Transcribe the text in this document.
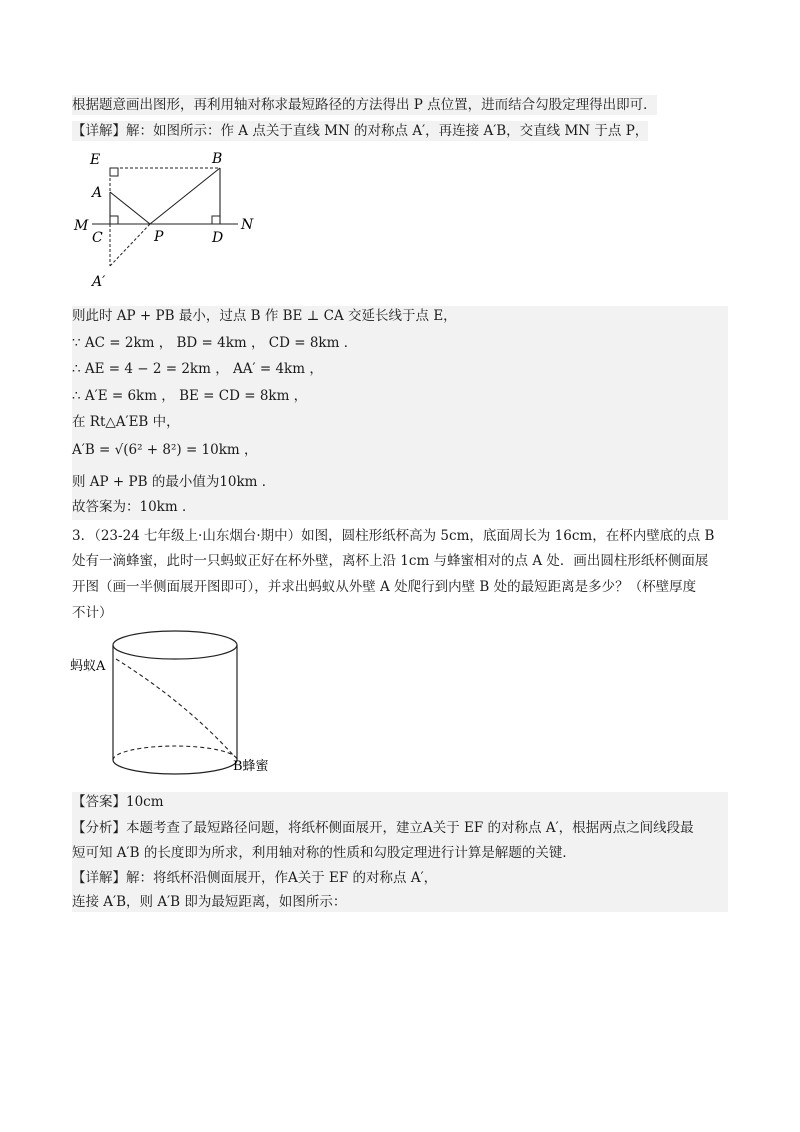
根据题意画出图形，再利用轴对称求最短路径的方法得出 P 点位置，进而结合勾股定理得出即可．
【详解】解：如图所示：作 A 点关于直线 MN 的对称点 A′，再连接 A′B，交直线 MN 于点 P，
E	B
A
M
C	P	D
N
A′
则此时 AP + PB 最小，过点 B 作 BE ⊥ CA 交延长线于点 E，
∵ AC = 2km ， BD = 4km ， CD = 8km ．
∴ AE = 4 − 2 = 2km ， AA′ = 4km ，
∴ A′E = 6km ， BE = CD = 8km ，
在 Rt△A′EB 中，
A′B = √(6² + 8²) = 10km ，
则 AP + PB 的最小值为10km ．
故答案为：10km ．
3．（23-24 七年级上·山东烟台·期中）如图，圆柱形纸杯高为 5cm，底面周长为 16cm，在杯内壁底的点 B
处有一滴蜂蜜，此时一只蚂蚁正好在杯外壁，离杯上沿 1cm 与蜂蜜相对的点 A 处．画出圆柱形纸杯侧面展
开图（画一半侧面展开图即可），并求出蚂蚁从外壁 A 处爬行到内壁 B 处的最短距离是多少？（杯壁厚度
不计）
蚂蚁A
B蜂蜜
【答案】10cm
【分析】本题考查了最短路径问题，将纸杯侧面展开，建立A关于 EF 的对称点 A′，根据两点之间线段最
短可知 A′B 的长度即为所求，利用轴对称的性质和勾股定理进行计算是解题的关键．
【详解】解：将纸杯沿侧面展开，作A关于 EF 的对称点 A′，
连接 A′B，则 A′B 即为最短距离，如图所示：
